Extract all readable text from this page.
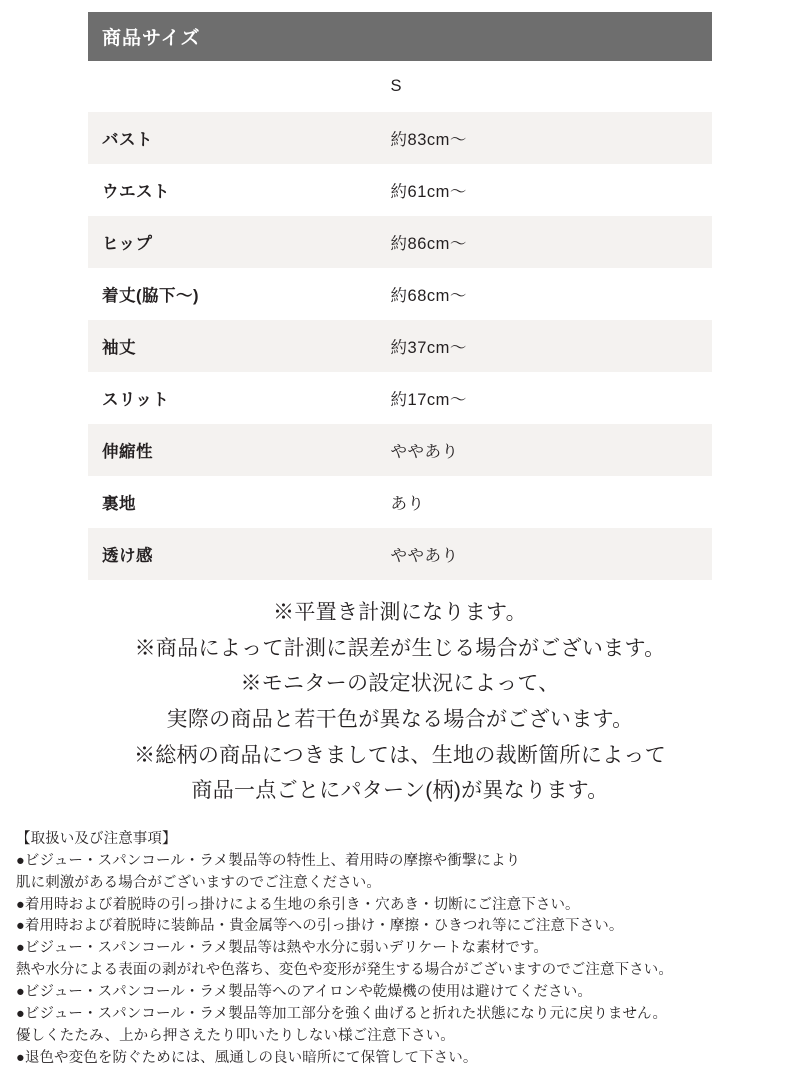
商品サイズ
	S
バスト	約83cm〜
ウエスト	約61cm〜
ヒップ	約86cm〜
着丈(脇下〜)	約68cm〜
袖丈	約37cm〜
スリット	約17cm〜
伸縮性	ややあり
裏地	あり
透け感	ややあり

※平置き計測になります。

※商品によって計測に誤差が生じる場合がございます。

※モニターの設定状況によって、

実際の商品と若干色が異なる場合がございます。

※総柄の商品につきましては、生地の裁断箇所によって

商品一点ごとにパターン(柄)が異なります。

【取扱い及び注意事項】

●ビジュー・スパンコール・ラメ製品等の特性上、着用時の摩擦や衝撃により

肌に刺激がある場合がございますのでご注意ください。

●着用時および着脱時の引っ掛けによる生地の糸引き・穴あき・切断にご注意下さい。

●着用時および着脱時に装飾品・貴金属等への引っ掛け・摩擦・ひきつれ等にご注意下さい。

●ビジュー・スパンコール・ラメ製品等は熱や水分に弱いデリケートな素材です。

熱や水分による表面の剥がれや色落ち、変色や変形が発生する場合がございますのでご注意下さい。

●ビジュー・スパンコール・ラメ製品等へのアイロンや乾燥機の使用は避けてください。

●ビジュー・スパンコール・ラメ製品等加工部分を強く曲げると折れた状態になり元に戻りません。

優しくたたみ、上から押さえたり叩いたりしない様ご注意下さい。

●退色や変色を防ぐためには、風通しの良い暗所にて保管して下さい。
